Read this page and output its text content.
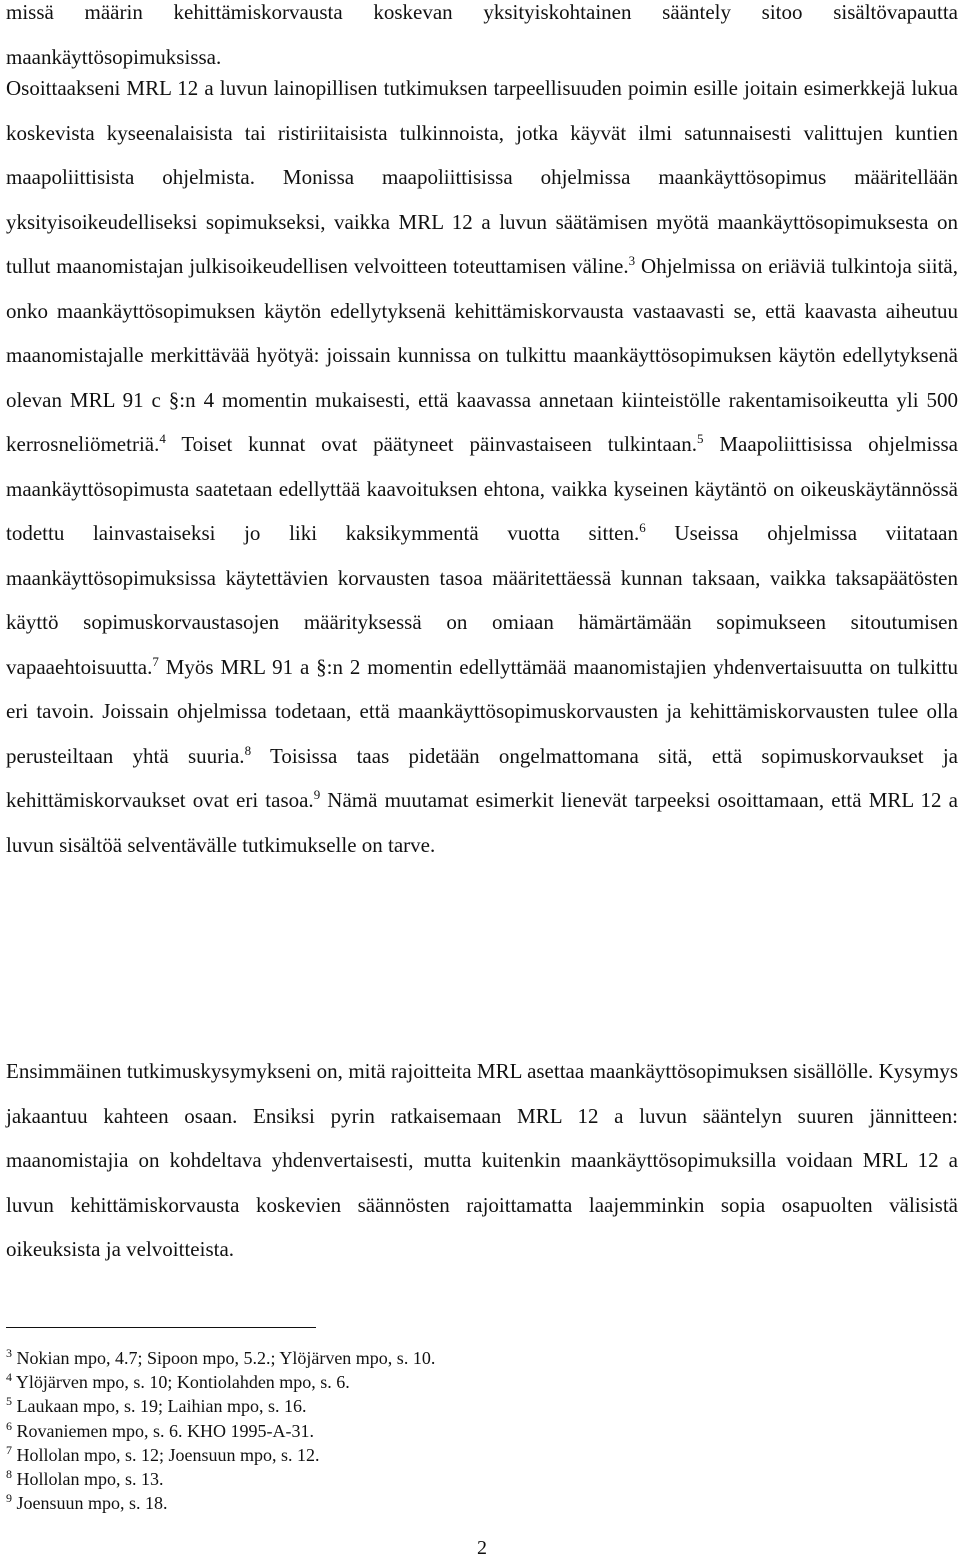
missä määrin kehittämiskorvausta koskevan yksityiskohtainen sääntely sitoo sisältövapautta maankäyttösopimuksissa.

Osoittaakseni MRL 12 a luvun lainopillisen tutkimuksen tarpeellisuuden poimin esille joitain esimerkkejä lukua koskevista kyseenalaisista tai ristiriitaisista tulkinnoista, jotka käyvät ilmi satunnaisesti valittujen kuntien maapoliittisista ohjelmista. Monissa maapoliittisissa ohjelmissa maankäyttösopimus määritellään yksityisoikeudelliseksi sopimukseksi, vaikka MRL 12 a luvun säätämisen myötä maankäyttösopimuksesta on tullut maanomistajan julkisoikeudellisen velvoitteen toteuttamisen väline.$^3$ Ohjelmissa on eriäviä tulkintoja siitä, onko maankäyttösopimuksen käytön edellytyksenä kehittämiskorvausta vastaavasti se, että kaavasta aiheutuu maanomistajalle merkittävää hyötyä: joissain kunnissa on tulkittu maankäyttösopimuksen käytön edellytyksenä olevan MRL 91 c §:n 4 momentin mukaisesti, että kaavassa annetaan kiinteistölle rakentamisoikeutta yli 500 kerrosneliömetriä.$^4$ Toiset kunnat ovat päätyneet päinvastaiseen tulkintaan.$^5$ Maapoliittisissa ohjelmissa maankäyttösopimusta saatetaan edellyttää kaavoituksen ehtona, vaikka kyseinen käytäntö on oikeuskäytännössä todettu lainvastaiseksi jo liki kaksikymmentä vuotta sitten.$^6$ Useissa ohjelmissa viitataan maankäyttösopimuksissa käytettävien korvausten tasoa määritettäessä kunnan taksaan, vaikka taksapäätösten käyttö sopimuskorvaustasojen määrityksessä on omiaan hämärtämään sopimukseen sitoutumisen vapaaehtoisuutta.$^7$ Myös MRL 91 a §:n 2 momentin edellyttämää maanomistajien yhdenvertaisuutta on tulkittu eri tavoin. Joissain ohjelmissa todetaan, että maankäyttösopimuskorvausten ja kehittämiskorvausten tulee olla perusteiltaan yhtä suuria.$^8$ Toisissa taas pidetään ongelmattomana sitä, että sopimuskorvaukset ja kehittämiskorvaukset ovat eri tasoa.$^9$ Nämä muutamat esimerkit lienevät tarpeeksi osoittamaan, että MRL 12 a luvun sisältöä selventävälle tutkimukselle on tarve.

Ensimmäinen tutkimuskysymykseni on, mitä rajoitteita MRL asettaa maankäyttösopimuksen sisällölle. Kysymys jakaantuu kahteen osaan. Ensiksi pyrin ratkaisemaan MRL 12 a luvun sääntelyn suuren jännitteen: maanomistajia on kohdeltava yhdenvertaisesti, mutta kuitenkin maankäyttösopimuksilla voidaan MRL 12 a luvun kehittämiskorvausta koskevien säännösten rajoittamatta laajemminkin sopia osapuolten välisistä oikeuksista ja velvoitteista.

$^3$ Nokian mpo, 4.7; Sipoon mpo, 5.2.; Ylöjärven mpo, s. 10.
$^4$ Ylöjärven mpo, s. 10; Kontiolahden mpo, s. 6.
$^5$ Laukaan mpo, s. 19; Laihian mpo, s. 16.
$^6$ Rovaniemen mpo, s. 6. KHO 1995-A-31.
$^7$ Hollolan mpo, s. 12; Joensuun mpo, s. 12.
$^8$ Hollolan mpo, s. 13.
$^9$ Joensuun mpo, s. 18.

2
